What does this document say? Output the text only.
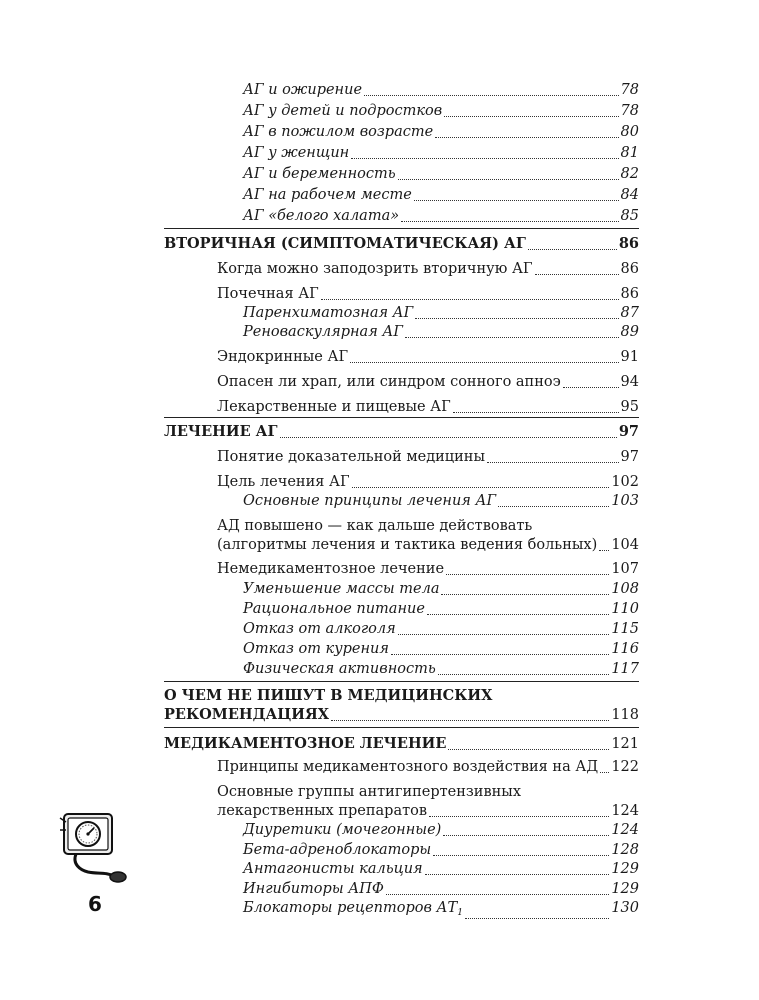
АГ и ожирение	78
АГ у детей и подростков	78
АГ в пожилом возрасте	80
АГ у женщин	81
АГ и беременность	82
АГ на рабочем месте	84
АГ «белого халата»	85
ВТОРИЧНАЯ (СИМПТОМАТИЧЕСКАЯ) АГ	86
Когда можно заподозрить вторичную АГ	86
Почечная АГ	86
Паренхиматозная АГ	87
Реноваскулярная АГ	89
Эндокринные АГ	91
Опасен ли храп, или синдром сонного апноэ	94
Лекарственные и пищевые АГ	95
ЛЕЧЕНИЕ АГ	97
Понятие доказательной медицины	97
Цель лечения АГ	102
Основные принципы лечения АГ	103
АД повышено — как дальше действовать
(алгоритмы лечения и тактика ведения больных) 104
Немедикаментозное лечение	107
Уменьшение массы тела	108
Рациональное питание	110
Отказ от алкоголя	115
Отказ от курения	116
Физическая активность	117
О ЧЕМ НЕ ПИШУТ В МЕДИЦИНСКИХ
РЕКОМЕНДАЦИЯХ	118
МЕДИКАМЕНТОЗНОЕ ЛЕЧЕНИЕ	121
Принципы медикаментозного воздействия на АД 122
Основные группы антигипертензивных
лекарственных препаратов	124
Диуретики (мочегонные)	124
Бета-адреноблокаторы	128
Антагонисты кальция	129
Ингибиторы АПФ	129
Блокаторы рецепторов $АТ_1$	130
6
